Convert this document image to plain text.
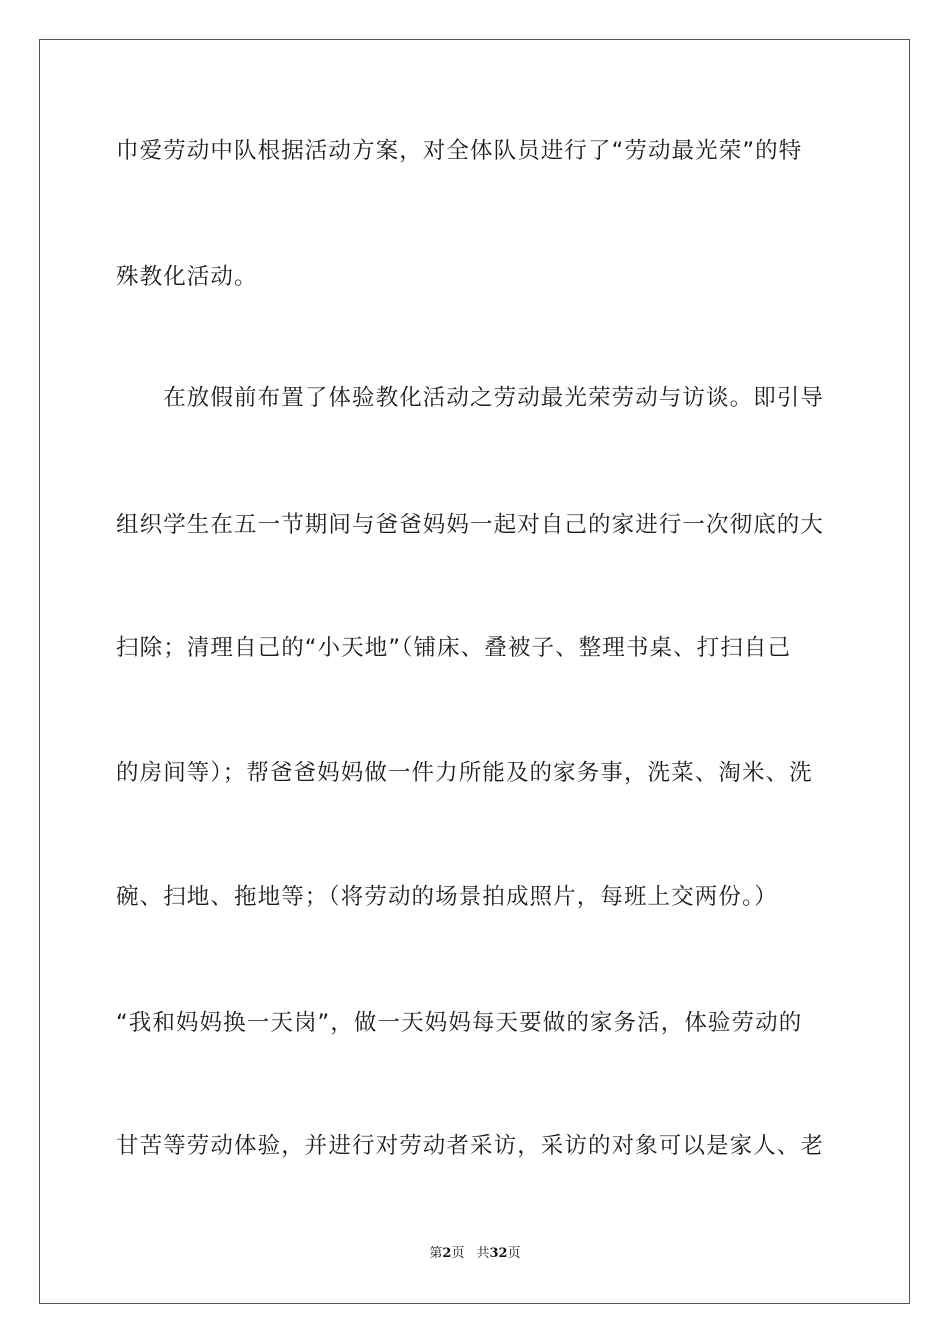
巾爱劳动中队根据活动方案，对全体队员进行了“劳动最光荣”的特
殊教化活动。
　　在放假前布置了体验教化活动之劳动最光荣劳动与访谈。即引导
组织学生在五一节期间与爸爸妈妈一起对自己的家进行一次彻底的大
扫除；清理自己的“小天地”（铺床、叠被子、整理书桌、打扫自己
的房间等）；帮爸爸妈妈做一件力所能及的家务事，洗菜、淘米、洗
碗、扫地、拖地等；（将劳动的场景拍成照片，每班上交两份。）
“我和妈妈换一天岗”，做一天妈妈每天要做的家务活，体验劳动的
甘苦等劳动体验，并进行对劳动者采访，采访的对象可以是家人、老
第2页 共32页
